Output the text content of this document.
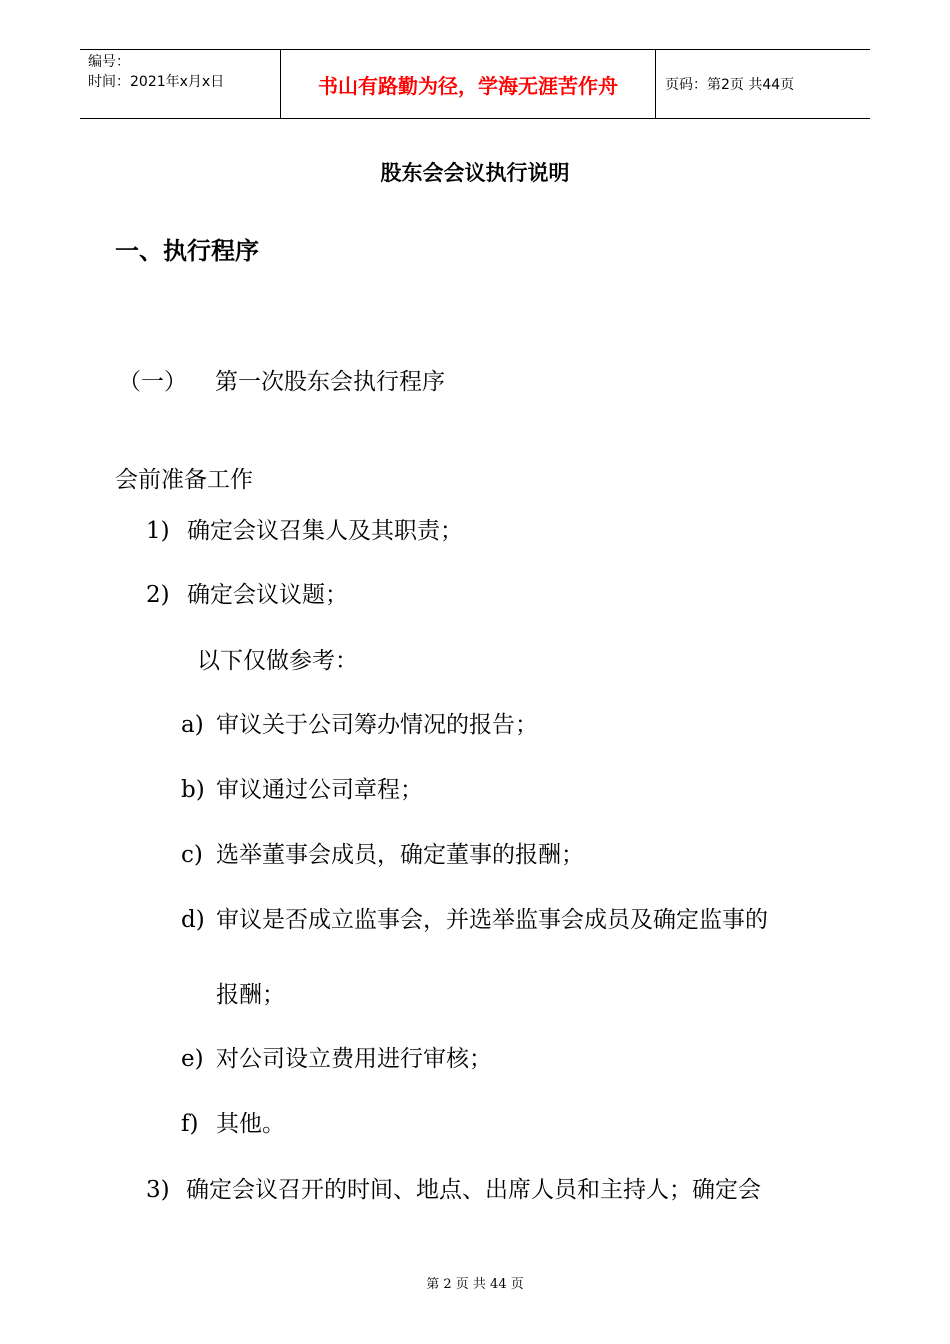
编号：
时间：2021年x月x日	书山有路勤为径，学海无涯苦作舟	页码：第2页 共44页
股东会会议执行说明
一、执行程序
（一） 第一次股东会执行程序
会前准备工作
1) 确定会议召集人及其职责；
2) 确定会议议题；
以下仅做参考：
a) 审议关于公司筹办情况的报告；
b) 审议通过公司章程；
c) 选举董事会成员，确定董事的报酬；
d) 审议是否成立监事会，并选举监事会成员及确定监事的
报酬；
e) 对公司设立费用进行审核；
f) 其他。
3) 确定会议召开的时间、地点、出席人员和主持人；确定会
第 2 页 共 44 页
